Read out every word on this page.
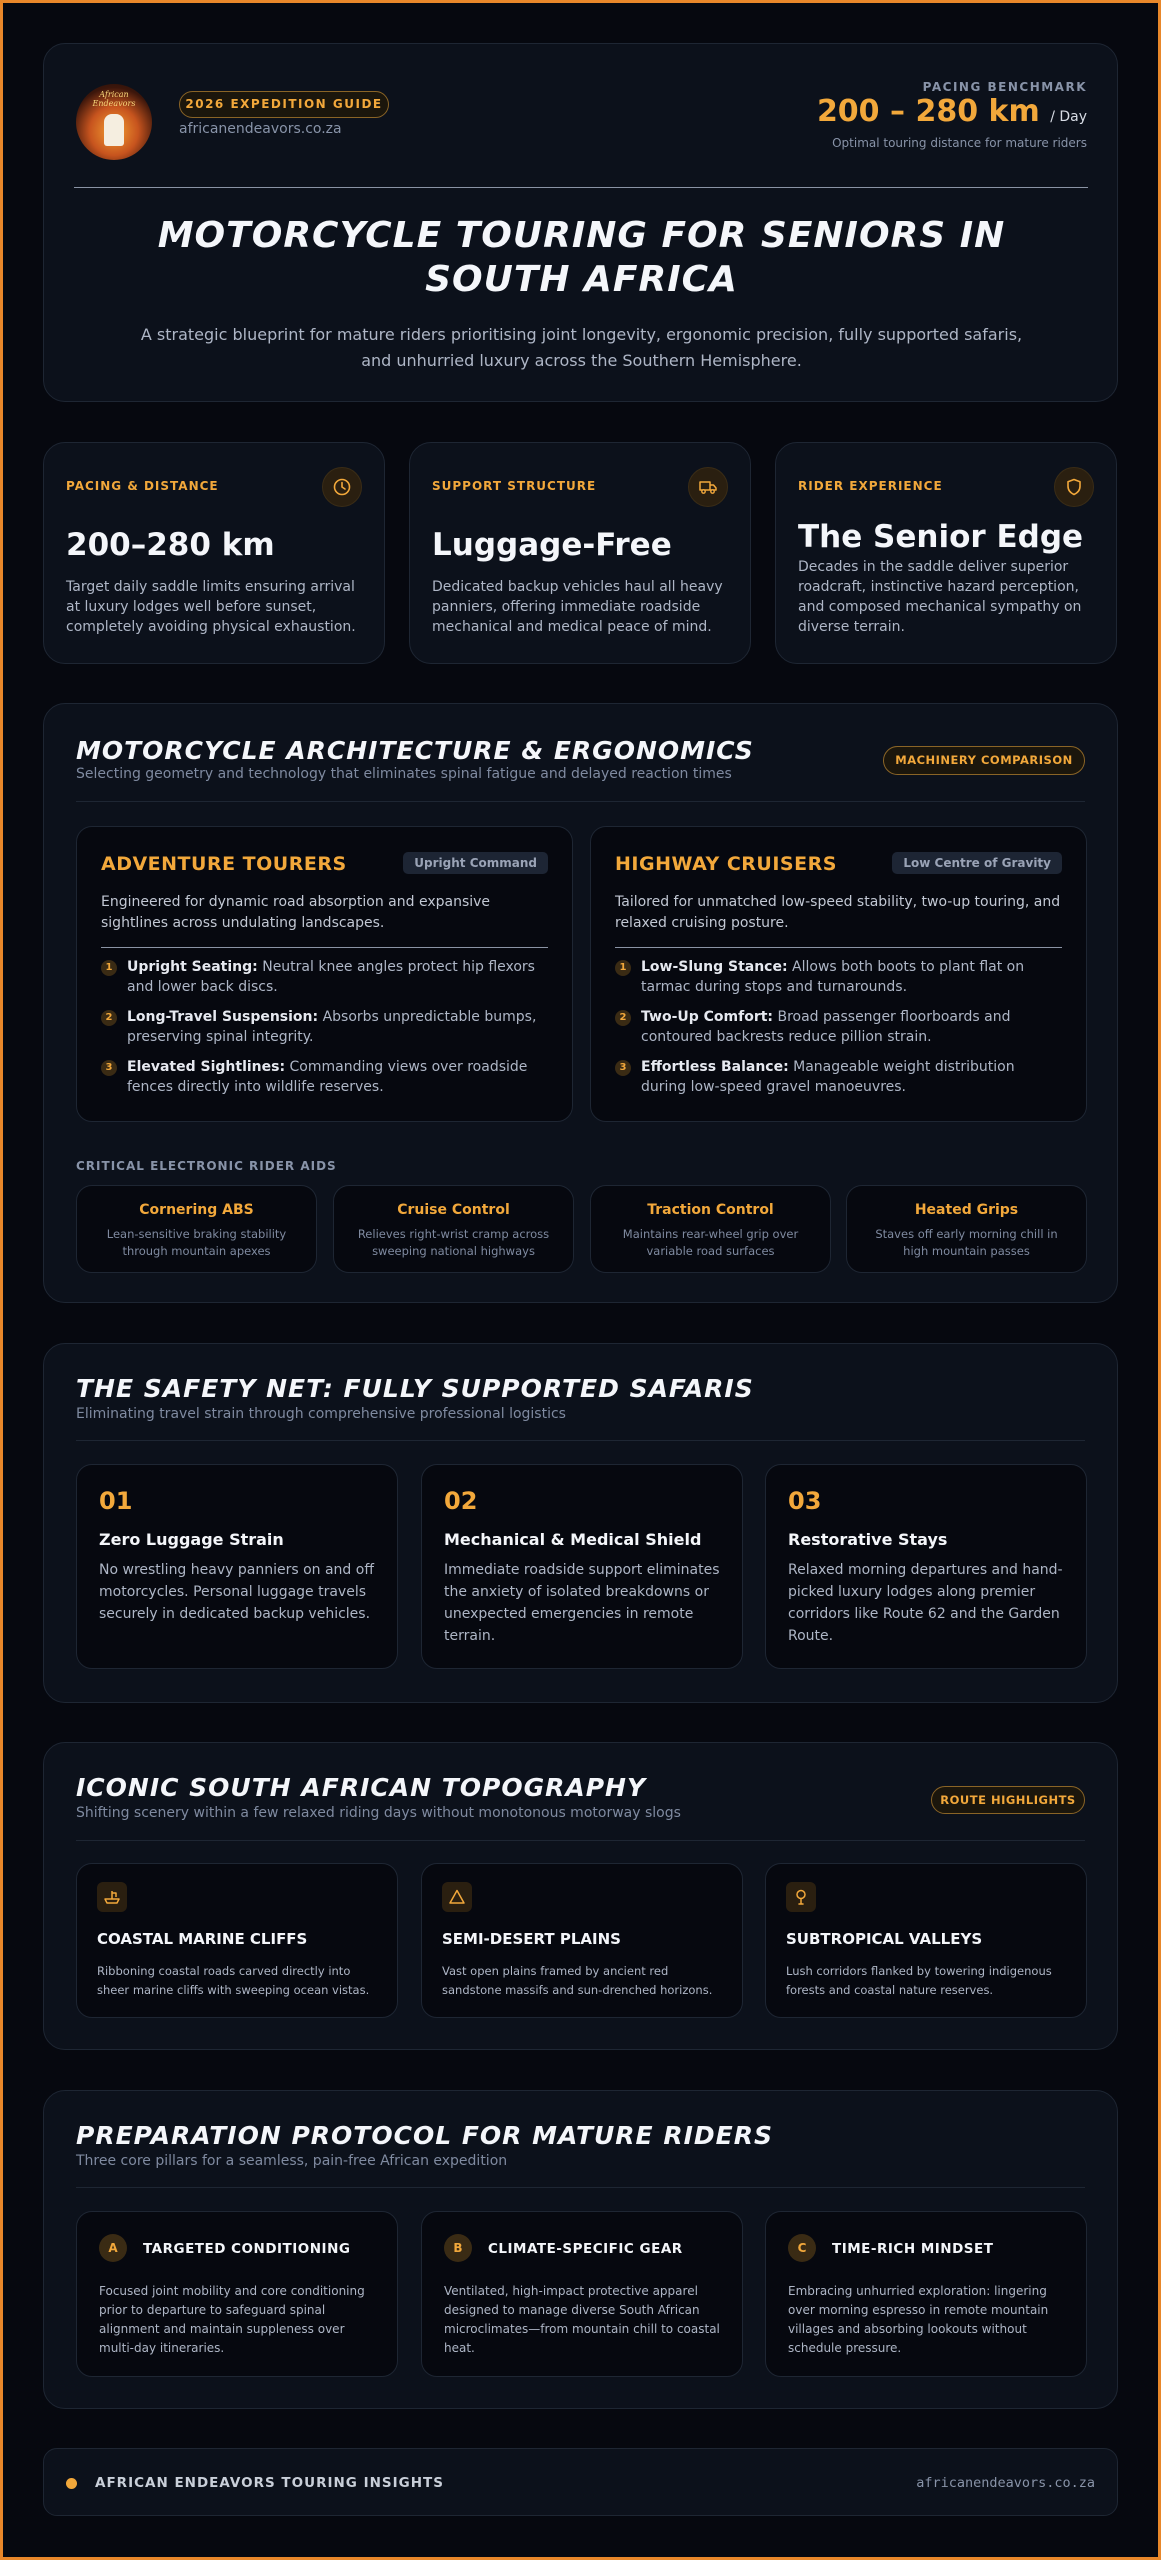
African Endeavors	2026 EXPEDITION GUIDE
africanendeavors.co.za
PACING BENCHMARK
200 – 280 km / Day
Optimal touring distance for mature riders
MOTORCYCLE TOURING FOR SENIORS IN SOUTH AFRICA
A strategic blueprint for mature riders prioritising joint longevity, ergonomic precision, fully supported safaris, and unhurried luxury across the Southern Hemisphere.
PACING & DISTANCE
200–280 km
Target daily saddle limits ensuring arrival at luxury lodges well before sunset, completely avoiding physical exhaustion.
SUPPORT STRUCTURE
Luggage-Free
Dedicated backup vehicles haul all heavy panniers, offering immediate roadside mechanical and medical peace of mind.
RIDER EXPERIENCE
The Senior Edge
Decades in the saddle deliver superior roadcraft, instinctive hazard perception, and composed mechanical sympathy on diverse terrain.
MOTORCYCLE ARCHITECTURE & ERGONOMICS
Selecting geometry and technology that eliminates spinal fatigue and delayed reaction times
MACHINERY COMPARISON
ADVENTURE TOURERS	Upright Command
Engineered for dynamic road absorption and expansive sightlines across undulating landscapes.
1	Upright Seating: Neutral knee angles protect hip flexors and lower back discs.
2	Long-Travel Suspension: Absorbs unpredictable bumps, preserving spinal integrity.
3	Elevated Sightlines: Commanding views over roadside fences directly into wildlife reserves.
HIGHWAY CRUISERS	Low Centre of Gravity
Tailored for unmatched low-speed stability, two-up touring, and relaxed cruising posture.
1	Low-Slung Stance: Allows both boots to plant flat on tarmac during stops and turnarounds.
2	Two-Up Comfort: Broad passenger floorboards and contoured backrests reduce pillion strain.
3	Effortless Balance: Manageable weight distribution during low-speed gravel manoeuvres.
CRITICAL ELECTRONIC RIDER AIDS
Cornering ABS
Lean-sensitive braking stability through mountain apexes
Cruise Control
Relieves right-wrist cramp across sweeping national highways
Traction Control
Maintains rear-wheel grip over variable road surfaces
Heated Grips
Staves off early morning chill in high mountain passes
THE SAFETY NET: FULLY SUPPORTED SAFARIS
Eliminating travel strain through comprehensive professional logistics
01
Zero Luggage Strain
No wrestling heavy panniers on and off motorcycles. Personal luggage travels securely in dedicated backup vehicles.
02
Mechanical & Medical Shield
Immediate roadside support eliminates the anxiety of isolated breakdowns or unexpected emergencies in remote terrain.
03
Restorative Stays
Relaxed morning departures and hand-picked luxury lodges along premier corridors like Route 62 and the Garden Route.
ICONIC SOUTH AFRICAN TOPOGRAPHY
Shifting scenery within a few relaxed riding days without monotonous motorway slogs
ROUTE HIGHLIGHTS
COASTAL MARINE CLIFFS
Ribboning coastal roads carved directly into sheer marine cliffs with sweeping ocean vistas.
SEMI-DESERT PLAINS
Vast open plains framed by ancient red sandstone massifs and sun-drenched horizons.
SUBTROPICAL VALLEYS
Lush corridors flanked by towering indigenous forests and coastal nature reserves.
PREPARATION PROTOCOL FOR MATURE RIDERS
Three core pillars for a seamless, pain-free African expedition
A	TARGETED CONDITIONING
Focused joint mobility and core conditioning prior to departure to safeguard spinal alignment and maintain suppleness over multi-day itineraries.
B	CLIMATE-SPECIFIC GEAR
Ventilated, high-impact protective apparel designed to manage diverse South African microclimates—from mountain chill to coastal heat.
C	TIME-RICH MINDSET
Embracing unhurried exploration: lingering over morning espresso in remote mountain villages and absorbing lookouts without schedule pressure.
AFRICAN ENDEAVORS TOURING INSIGHTS	africanendeavors.co.za
